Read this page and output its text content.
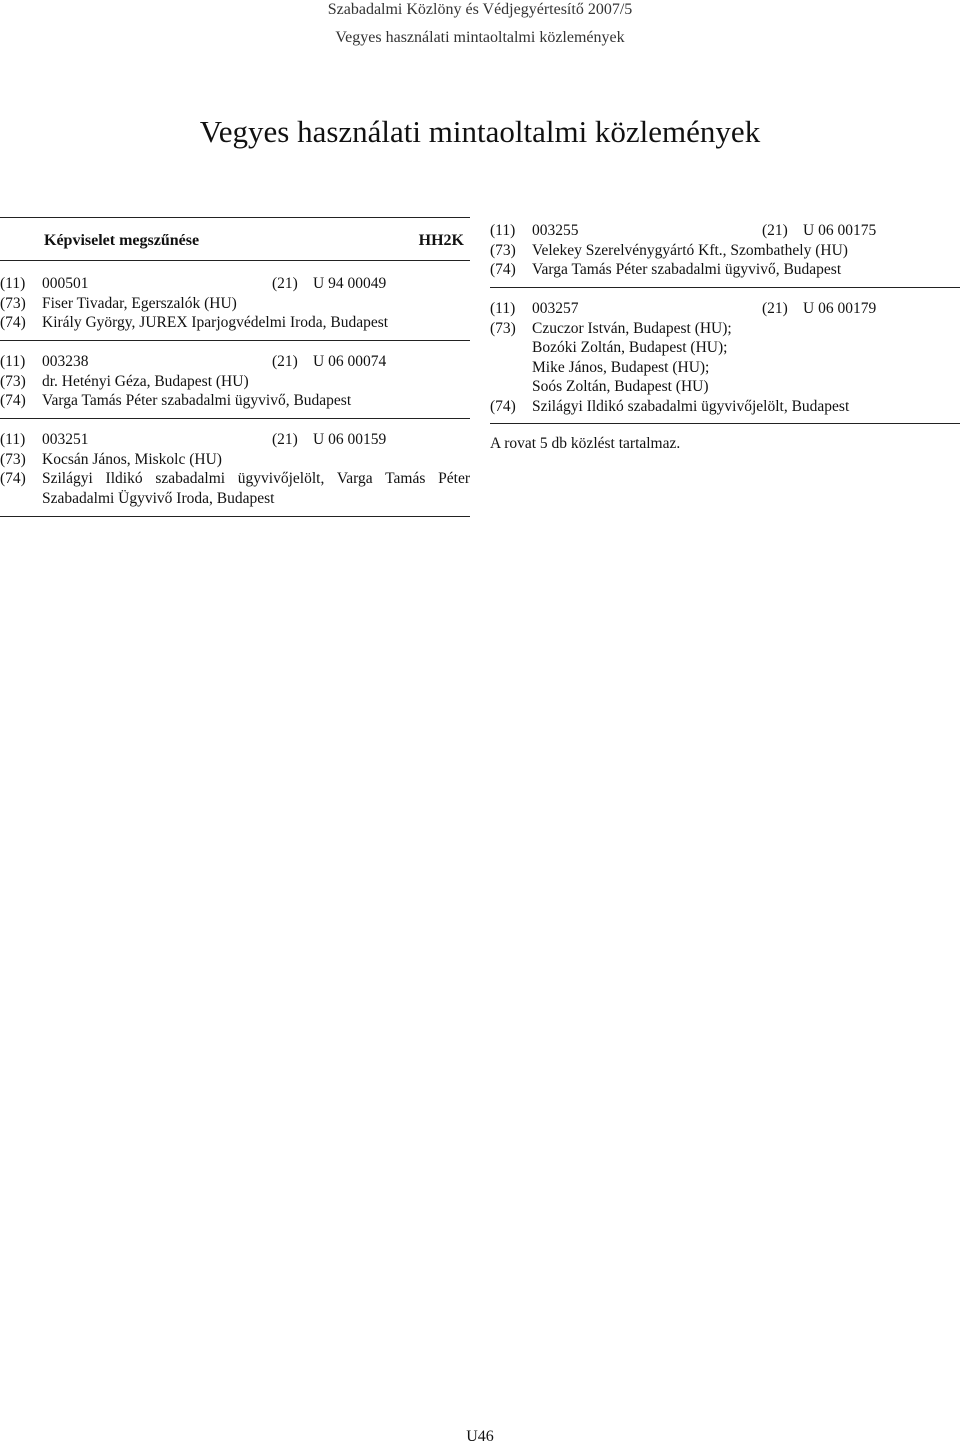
Szabadalmi Közlöny és Védjegyértesítő 2007/5
Vegyes használati mintaoltalmi közlemények
Vegyes használati mintaoltalmi közlemények
Képviselet megszűnése	HH2K
(11) 000501	(21) U 94 00049
(73) Fiser Tivadar, Egerszalók (HU)
(74) Király György, JUREX Iparjogvédelmi Iroda, Budapest
(11) 003238	(21) U 06 00074
(73) dr. Hetényi Géza, Budapest (HU)
(74) Varga Tamás Péter szabadalmi ügyvivő, Budapest
(11) 003251	(21) U 06 00159
(73) Kocsán János, Miskolc (HU)
(74) Szilágyi Ildikó szabadalmi ügyvivőjelölt, Varga Tamás Péter
Szabadalmi Ügyvivő Iroda, Budapest
(11) 003255	(21) U 06 00175
(73) Velekey Szerelvénygyártó Kft., Szombathely (HU)
(74) Varga Tamás Péter szabadalmi ügyvivő, Budapest
(11) 003257	(21) U 06 00179
(73) Czuczor István, Budapest (HU);
Bozóki Zoltán, Budapest (HU);
Mike János, Budapest (HU);
Soós Zoltán, Budapest (HU)
(74) Szilágyi Ildikó szabadalmi ügyvivőjelölt, Budapest
A rovat 5 db közlést tartalmaz.
U46
